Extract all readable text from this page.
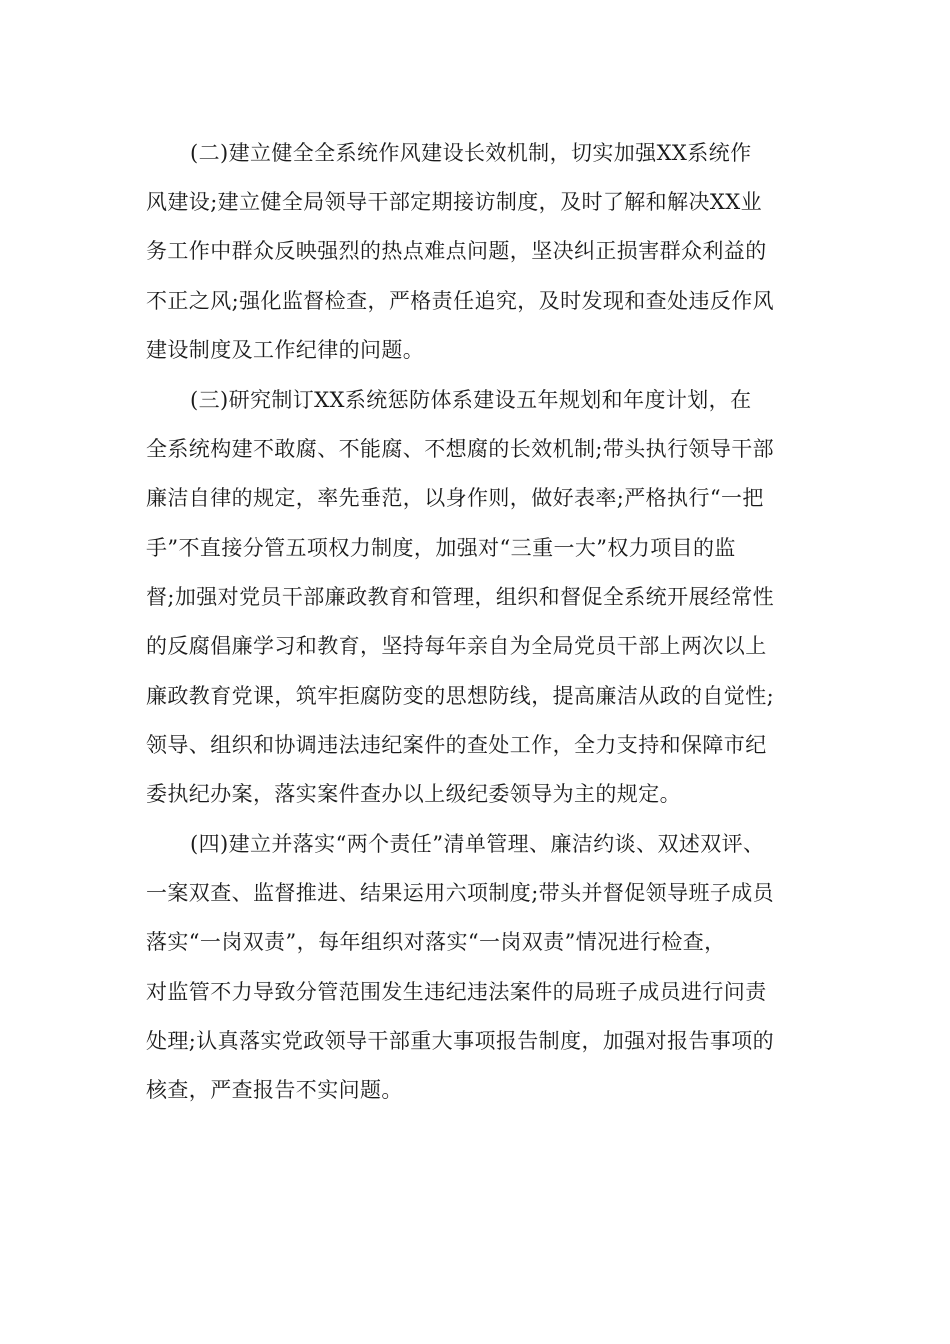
(二)建立健全全系统作风建设长效机制，切实加强XX系统作

风建设;建立健全局领导干部定期接访制度，及时了解和解决XX业

务工作中群众反映强烈的热点难点问题，坚决纠正损害群众利益的

不正之风;强化监督检查，严格责任追究，及时发现和查处违反作风

建设制度及工作纪律的问题。

(三)研究制订XX系统惩防体系建设五年规划和年度计划，在

全系统构建不敢腐、不能腐、不想腐的长效机制;带头执行领导干部

廉洁自律的规定，率先垂范，以身作则，做好表率;严格执行“一把

手”不直接分管五项权力制度，加强对“三重一大”权力项目的监

督;加强对党员干部廉政教育和管理，组织和督促全系统开展经常性

的反腐倡廉学习和教育，坚持每年亲自为全局党员干部上两次以上

廉政教育党课，筑牢拒腐防变的思想防线，提高廉洁从政的自觉性;

领导、组织和协调违法违纪案件的查处工作，全力支持和保障市纪

委执纪办案，落实案件查办以上级纪委领导为主的规定。

(四)建立并落实“两个责任”清单管理、廉洁约谈、双述双评、

一案双查、监督推进、结果运用六项制度;带头并督促领导班子成员

落实“一岗双责”，每年组织对落实“一岗双责”情况进行检查，

对监管不力导致分管范围发生违纪违法案件的局班子成员进行问责

处理;认真落实党政领导干部重大事项报告制度，加强对报告事项的

核查，严查报告不实问题。
